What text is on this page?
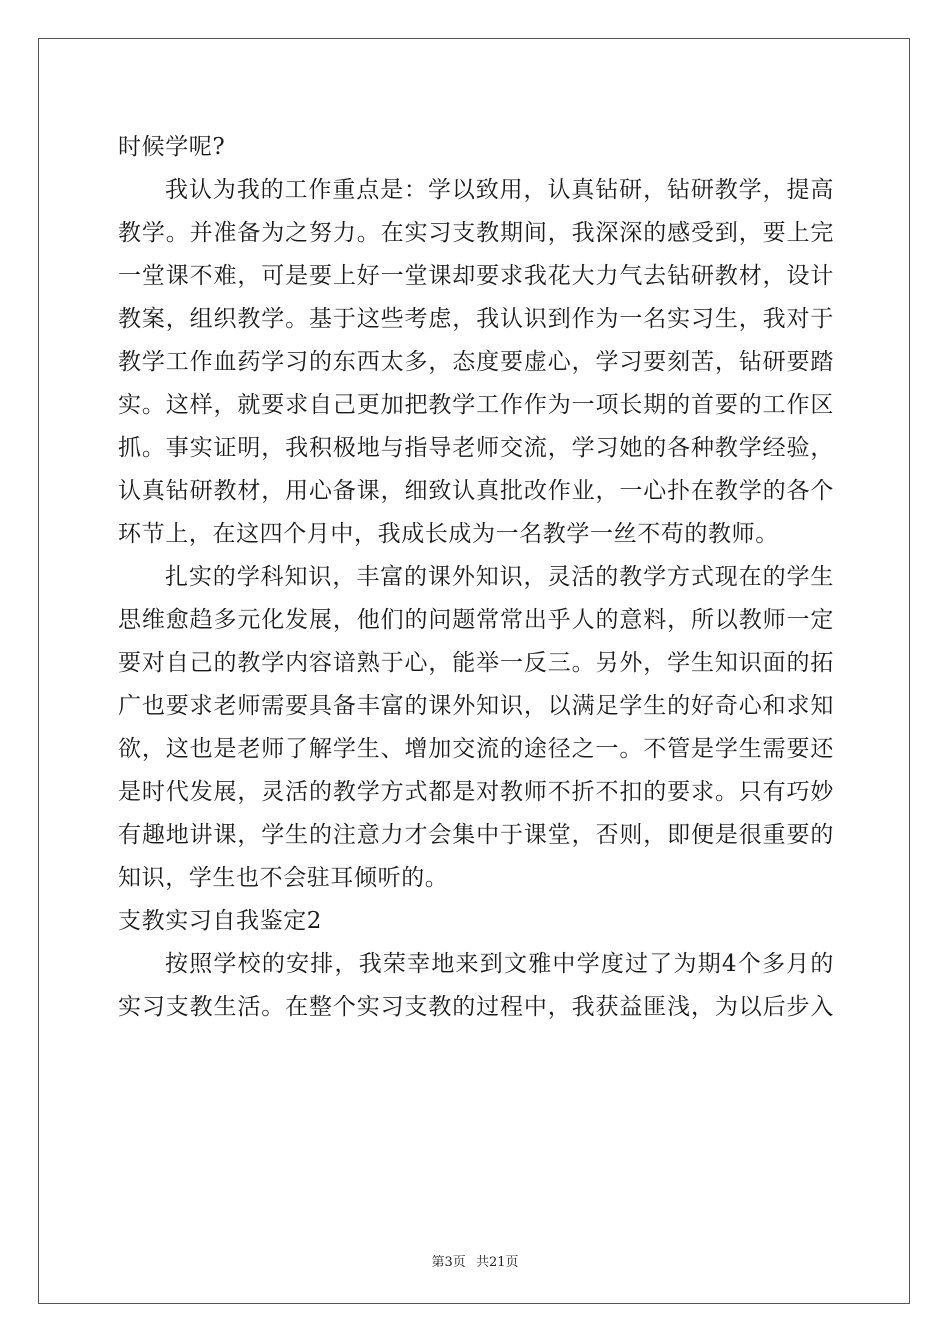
时候学呢?
我认为我的工作重点是：学以致用，认真钻研，钻研教学，提高
教学。并准备为之努力。在实习支教期间，我深深的感受到，要上完
一堂课不难，可是要上好一堂课却要求我花大力气去钻研教材，设计
教案，组织教学。基于这些考虑，我认识到作为一名实习生，我对于
教学工作血药学习的东西太多，态度要虚心，学习要刻苦，钻研要踏
实。这样，就要求自己更加把教学工作作为一项长期的首要的工作区
抓。事实证明，我积极地与指导老师交流，学习她的各种教学经验，
认真钻研教材，用心备课，细致认真批改作业，一心扑在教学的各个
环节上，在这四个月中，我成长成为一名教学一丝不苟的教师。
扎实的学科知识，丰富的课外知识，灵活的教学方式现在的学生
思维愈趋多元化发展，他们的问题常常出乎人的意料，所以教师一定
要对自己的教学内容谙熟于心，能举一反三。另外，学生知识面的拓
广也要求老师需要具备丰富的课外知识，以满足学生的好奇心和求知
欲，这也是老师了解学生、增加交流的途径之一。不管是学生需要还
是时代发展，灵活的教学方式都是对教师不折不扣的要求。只有巧妙
有趣地讲课，学生的注意力才会集中于课堂，否则，即便是很重要的
知识，学生也不会驻耳倾听的。
支教实习自我鉴定2
按照学校的安排，我荣幸地来到文雅中学度过了为期4个多月的
实习支教生活。在整个实习支教的过程中，我获益匪浅，为以后步入
第3页 共21页
